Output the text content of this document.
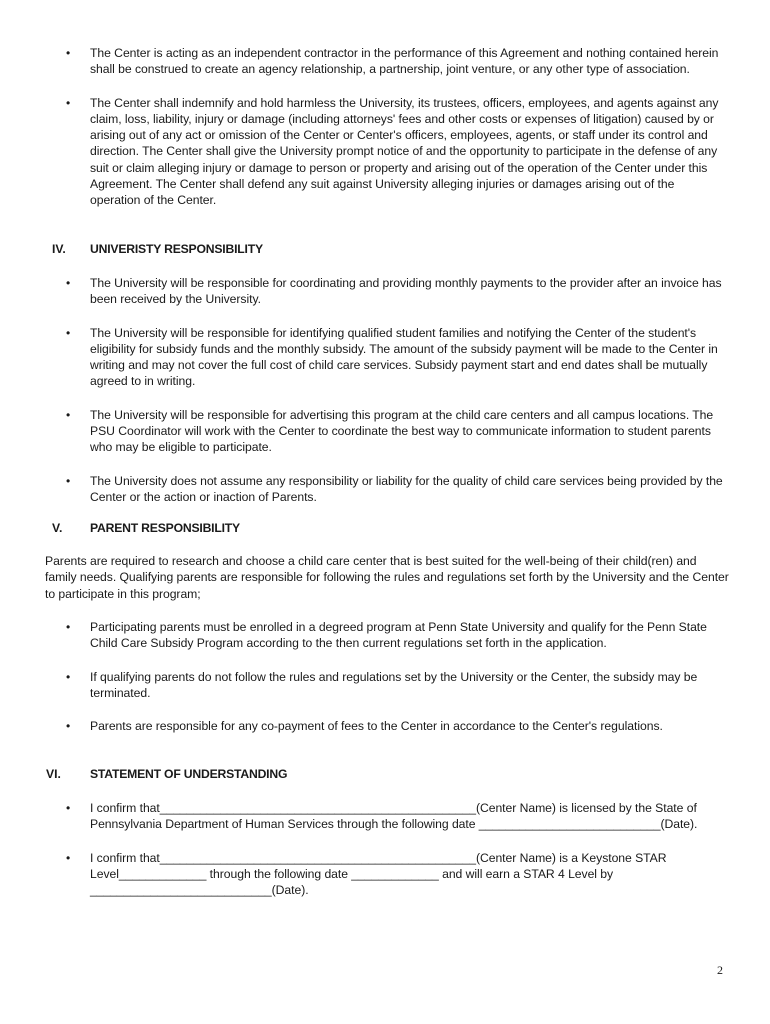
• The Center is acting as an independent contractor in the performance of this Agreement and nothing contained herein shall be construed to create an agency relationship, a partnership, joint venture, or any other type of association.
• The Center shall indemnify and hold harmless the University, its trustees, officers, employees, and agents against any claim, loss, liability, injury or damage (including attorneys' fees and other costs or expenses of litigation) caused by or arising out of any act or omission of the Center or Center's officers, employees, agents, or staff under its control and direction. The Center shall give the University prompt notice of and the opportunity to participate in the defense of any suit or claim alleging injury or damage to person or property and arising out of the operation of the Center under this Agreement. The Center shall defend any suit against University alleging injuries or damages arising out of the operation of the Center.
IV. UNIVERISTY RESPONSIBILITY
• The University will be responsible for coordinating and providing monthly payments to the provider after an invoice has been received by the University.
• The University will be responsible for identifying qualified student families and notifying the Center of the student's eligibility for subsidy funds and the monthly subsidy. The amount of the subsidy payment will be made to the Center in writing and may not cover the full cost of child care services. Subsidy payment start and end dates shall be mutually agreed to in writing.
• The University will be responsible for advertising this program at the child care centers and all campus locations. The PSU Coordinator will work with the Center to coordinate the best way to communicate information to student parents who may be eligible to participate.
• The University does not assume any responsibility or liability for the quality of child care services being provided by the Center or the action or inaction of Parents.
V. PARENT RESPONSIBILITY
Parents are required to research and choose a child care center that is best suited for the well-being of their child(ren) and family needs. Qualifying parents are responsible for following the rules and regulations set forth by the University and the Center to participate in this program;
• Participating parents must be enrolled in a degreed program at Penn State University and qualify for the Penn State Child Care Subsidy Program according to the then current regulations set forth in the application.
• If qualifying parents do not follow the rules and regulations set by the University or the Center, the subsidy may be terminated.
• Parents are responsible for any co-payment of fees to the Center in accordance to the Center's regulations.
VI. STATEMENT OF UNDERSTANDING
• I confirm that_______________________________________________(Center Name) is licensed by the State of Pennsylvania Department of Human Services through the following date ___________________________(Date).
• I confirm that_______________________________________________(Center Name) is a Keystone STAR Level_____________ through the following date _____________ and will earn a STAR 4 Level by ___________________________(Date).
2
